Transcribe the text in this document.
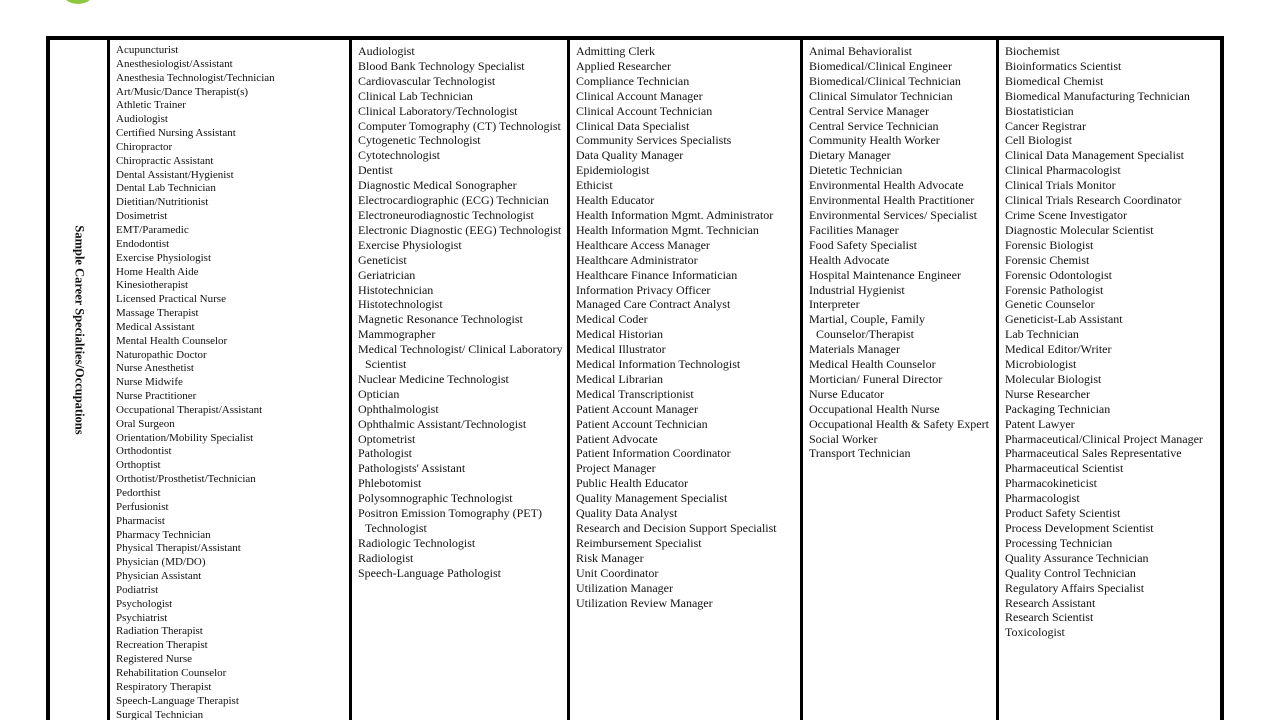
Sample Career Specialties/Occupations
Acupuncturist
Anesthesiologist/Assistant
Anesthesia Technologist/Technician
Art/Music/Dance Therapist(s)
Athletic Trainer
Audiologist
Certified Nursing Assistant
Chiropractor
Chiropractic Assistant
Dental Assistant/Hygienist
Dental Lab Technician
Dietitian/Nutritionist
Dosimetrist
EMT/Paramedic
Endodontist
Exercise Physiologist
Home Health Aide
Kinesiotherapist
Licensed Practical Nurse
Massage Therapist
Medical Assistant
Mental Health Counselor
Naturopathic Doctor
Nurse Anesthetist
Nurse Midwife
Nurse Practitioner
Occupational Therapist/Assistant
Oral Surgeon
Orientation/Mobility Specialist
Orthodontist
Orthoptist
Orthotist/Prosthetist/Technician
Pedorthist
Perfusionist
Pharmacist
Pharmacy Technician
Physical Therapist/Assistant
Physician (MD/DO)
Physician Assistant
Podiatrist
Psychologist
Psychiatrist
Radiation Therapist
Recreation Therapist
Registered Nurse
Rehabilitation Counselor
Respiratory Therapist
Speech-Language Therapist
Surgical Technician
Audiologist
Blood Bank Technology Specialist
Cardiovascular Technologist
Clinical Lab Technician
Clinical Laboratory/Technologist
Computer Tomography (CT) Technologist
Cytogenetic Technologist
Cytotechnologist
Dentist
Diagnostic Medical Sonographer
Electrocardiographic (ECG) Technician
Electroneurodiagnostic Technologist
Electronic Diagnostic (EEG) Technologist
Exercise Physiologist
Geneticist
Geriatrician
Histotechnician
Histotechnologist
Magnetic Resonance Technologist
Mammographer
Medical Technologist/ Clinical Laboratory Scientist
Nuclear Medicine Technologist
Optician
Ophthalmologist
Ophthalmic Assistant/Technologist
Optometrist
Pathologist
Pathologists' Assistant
Phlebotomist
Polysomnographic Technologist
Positron Emission Tomography (PET) Technologist
Radiologic Technologist
Radiologist
Speech-Language Pathologist
Admitting Clerk
Applied Researcher
Compliance Technician
Clinical Account Manager
Clinical Account Technician
Clinical Data Specialist
Community Services Specialists
Data Quality Manager
Epidemiologist
Ethicist
Health Educator
Health Information Mgmt. Administrator
Health Information Mgmt. Technician
Healthcare Access Manager
Healthcare Administrator
Healthcare Finance Informatician
Information Privacy Officer
Managed Care Contract Analyst
Medical Coder
Medical Historian
Medical Illustrator
Medical Information Technologist
Medical Librarian
Medical Transcriptionist
Patient Account Manager
Patient Account Technician
Patient Advocate
Patient Information Coordinator
Project Manager
Public Health Educator
Quality Management Specialist
Quality Data Analyst
Research and Decision Support Specialist
Reimbursement Specialist
Risk Manager
Unit Coordinator
Utilization Manager
Utilization Review Manager
Animal Behavioralist
Biomedical/Clinical Engineer
Biomedical/Clinical Technician
Clinical Simulator Technician
Central Service Manager
Central Service Technician
Community Health Worker
Dietary Manager
Dietetic Technician
Environmental Health Advocate
Environmental Health Practitioner
Environmental Services/ Specialist
Facilities Manager
Food Safety Specialist
Health Advocate
Hospital Maintenance Engineer
Industrial Hygienist
Interpreter
Martial, Couple, Family Counselor/Therapist
Materials Manager
Medical Health Counselor
Mortician/ Funeral Director
Nurse Educator
Occupational Health Nurse
Occupational Health & Safety Expert
Social Worker
Transport Technician
Biochemist
Bioinformatics Scientist
Biomedical Chemist
Biomedical Manufacturing Technician
Biostatistician
Cancer Registrar
Cell Biologist
Clinical Data Management Specialist
Clinical Pharmacologist
Clinical Trials Monitor
Clinical Trials Research Coordinator
Crime Scene Investigator
Diagnostic Molecular Scientist
Forensic Biologist
Forensic Chemist
Forensic Odontologist
Forensic Pathologist
Genetic Counselor
Geneticist-Lab Assistant
Lab Technician
Medical Editor/Writer
Microbiologist
Molecular Biologist
Nurse Researcher
Packaging Technician
Patent Lawyer
Pharmaceutical/Clinical Project Manager
Pharmaceutical Sales Representative
Pharmaceutical Scientist
Pharmacokineticist
Pharmacologist
Product Safety Scientist
Process Development Scientist
Processing Technician
Quality Assurance Technician
Quality Control Technician
Regulatory Affairs Specialist
Research Assistant
Research Scientist
Toxicologist
